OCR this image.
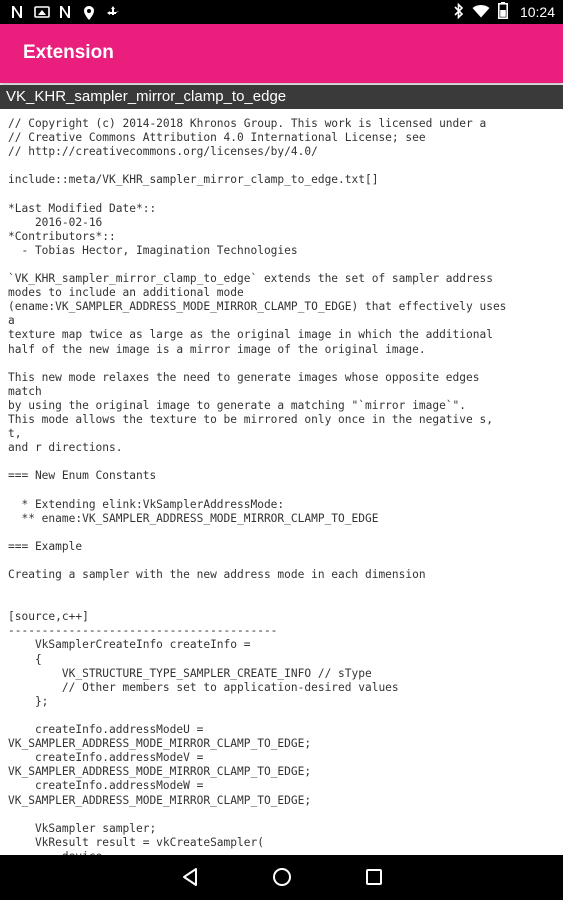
10:24
Extension
VK_KHR_sampler_mirror_clamp_to_edge
// Copyright (c) 2014-2018 Khronos Group. This work is licensed under a
// Creative Commons Attribution 4.0 International License; see
// http://creativecommons.org/licenses/by/4.0/

include::meta/VK_KHR_sampler_mirror_clamp_to_edge.txt[]

*Last Modified Date*::
2016-02-16
*Contributors*::
- Tobias Hector, Imagination Technologies

`VK_KHR_sampler_mirror_clamp_to_edge` extends the set of sampler address
modes to include an additional mode
(ename:VK_SAMPLER_ADDRESS_MODE_MIRROR_CLAMP_TO_EDGE) that effectively uses
a
texture map twice as large as the original image in which the additional
half of the new image is a mirror image of the original image.

This new mode relaxes the need to generate images whose opposite edges
match
by using the original image to generate a matching "`mirror image`".
This mode allows the texture to be mirrored only once in the negative s,
t,
and r directions.

=== New Enum Constants

* Extending elink:VkSamplerAddressMode:
** ename:VK_SAMPLER_ADDRESS_MODE_MIRROR_CLAMP_TO_EDGE

=== Example

Creating a sampler with the new address mode in each dimension

[source,c++]
----------------------------------------
VkSamplerCreateInfo createInfo =
{
VK_STRUCTURE_TYPE_SAMPLER_CREATE_INFO // sType
// Other members set to application-desired values
};

createInfo.addressModeU =
VK_SAMPLER_ADDRESS_MODE_MIRROR_CLAMP_TO_EDGE;
createInfo.addressModeV =
VK_SAMPLER_ADDRESS_MODE_MIRROR_CLAMP_TO_EDGE;
createInfo.addressModeW =
VK_SAMPLER_ADDRESS_MODE_MIRROR_CLAMP_TO_EDGE;

VkSampler sampler;
VkResult result = vkCreateSampler(
